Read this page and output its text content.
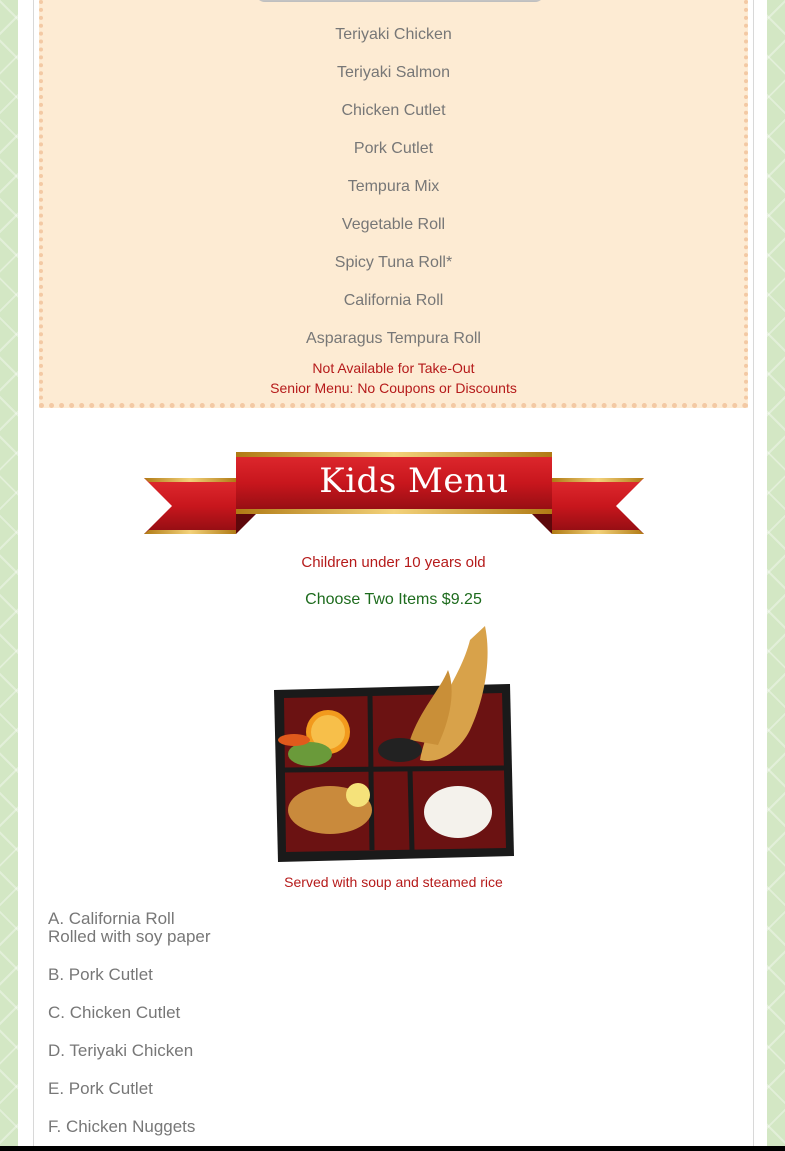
Teriyaki Chicken
Teriyaki Salmon
Chicken Cutlet
Pork Cutlet
Tempura Mix
Vegetable Roll
Spicy Tuna Roll*
California Roll
Asparagus Tempura Roll
Not Available for Take-Out
Senior Menu: No Coupons or Discounts
Kids Menu
Children under 10 years old
Choose Two Items $9.25
Served with soup and steamed rice
A. California Roll
Rolled with soy paper
B. Pork Cutlet
C. Chicken Cutlet
D. Teriyaki Chicken
E. Pork Cutlet
F. Chicken Nuggets
